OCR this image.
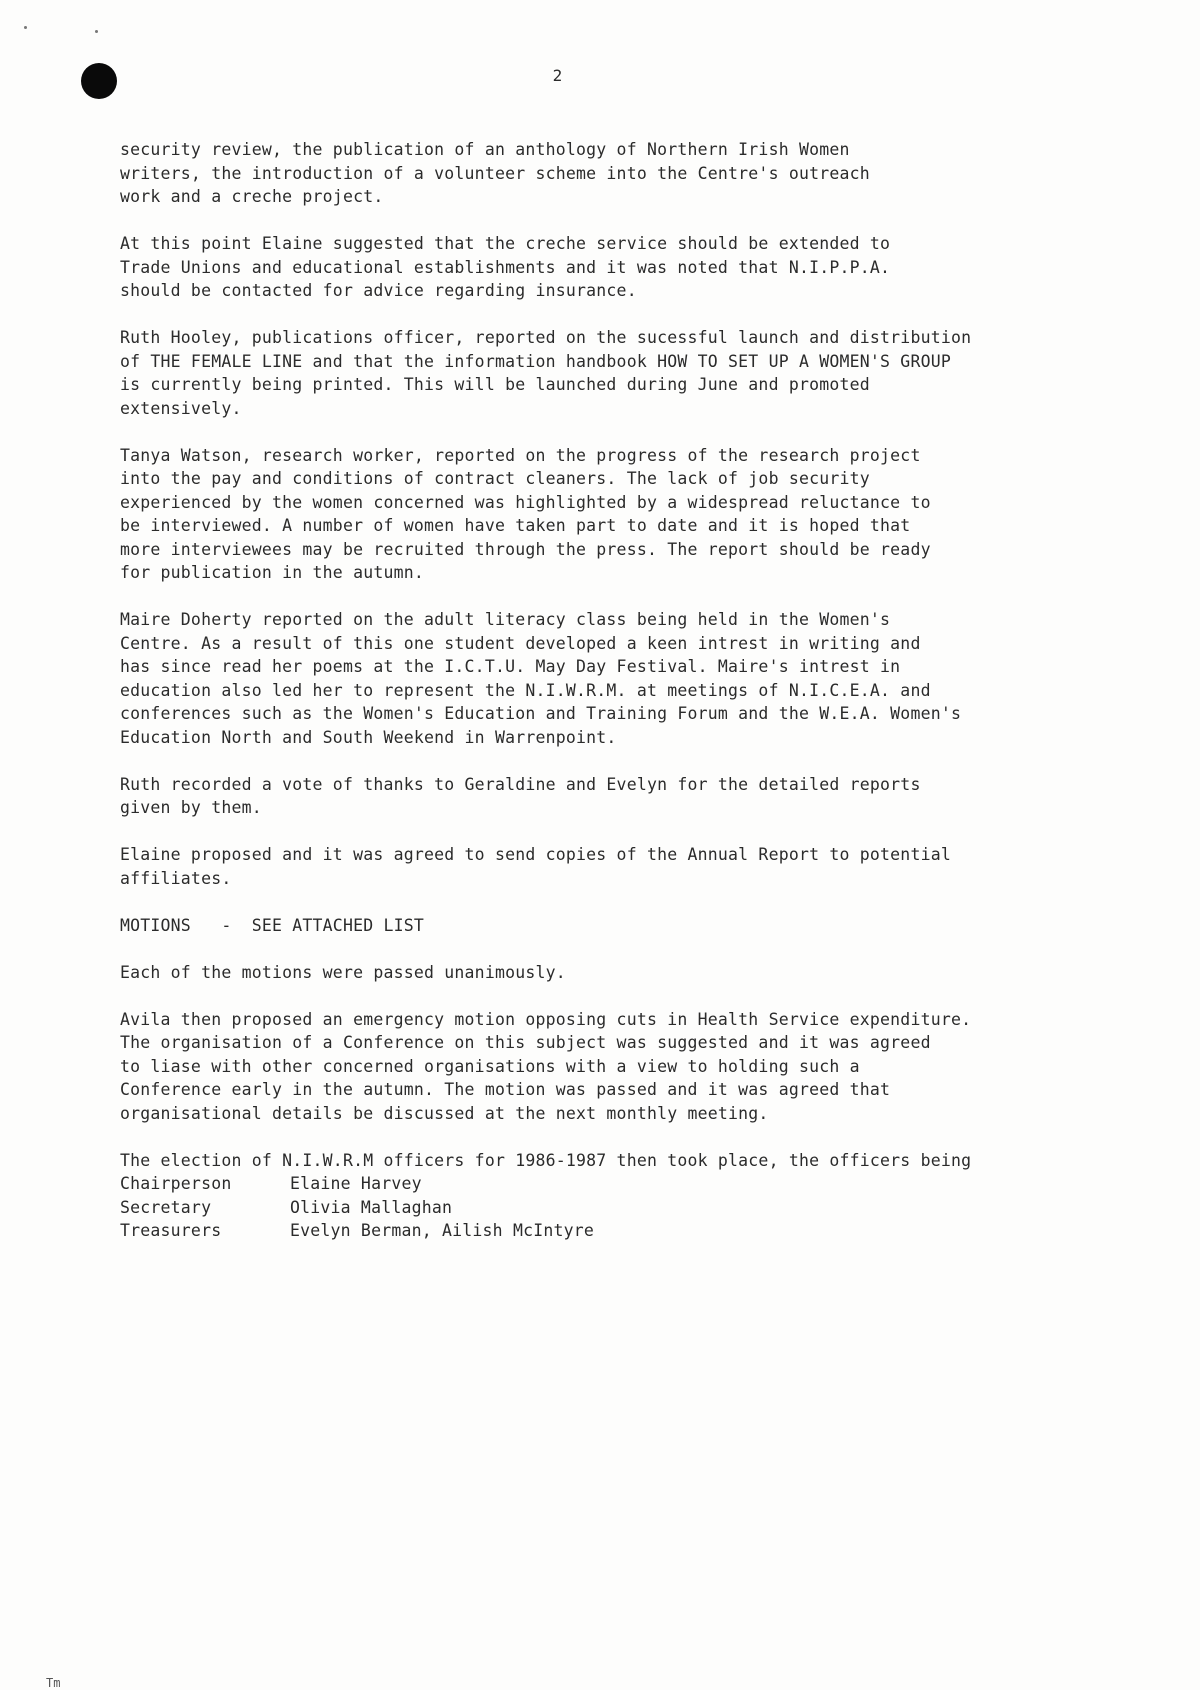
2

security review, the publication of an anthology of Northern Irish Women
writers, the introduction of a volunteer scheme into the Centre's outreach
work and a creche project.

At this point Elaine suggested that the creche service should be extended to
Trade Unions and educational establishments and it was noted that N.I.P.P.A.
should be contacted for advice regarding insurance.

Ruth Hooley, publications officer, reported on the sucessful launch and distribution
of THE FEMALE LINE and that the information handbook HOW TO SET UP A WOMEN'S GROUP
is currently being printed. This will be launched during June and promoted
extensively.

Tanya Watson, research worker, reported on the progress of the research project
into the pay and conditions of contract cleaners. The lack of job security
experienced by the women concerned was highlighted by a widespread reluctance to
be interviewed. A number of women have taken part to date and it is hoped that
more interviewees may be recruited through the press. The report should be ready
for publication in the autumn.

Maire Doherty reported on the adult literacy class being held in the Women's
Centre. As a result of this one student developed a keen intrest in writing and
has since read her poems at the I.C.T.U. May Day Festival. Maire's intrest in
education also led her to represent the N.I.W.R.M. at meetings of N.I.C.E.A. and
conferences such as the Women's Education and Training Forum and the W.E.A. Women's
Education North and South Weekend in Warrenpoint.

Ruth recorded a vote of thanks to Geraldine and Evelyn for the detailed reports
given by them.

Elaine proposed and it was agreed to send copies of the Annual Report to potential
affiliates.

MOTIONS   -  SEE ATTACHED LIST

Each of the motions were passed unanimously.

Avila then proposed an emergency motion opposing cuts in Health Service expenditure.
The organisation of a Conference on this subject was suggested and it was agreed
to liase with other concerned organisations with a view to holding such a
Conference early in the autumn. The motion was passed and it was agreed that
organisational details be discussed at the next monthly meeting.

The election of N.I.W.R.M officers for 1986-1987 then took place, the officers being

Chairperson	Elaine Harvey
Secretary	Olivia Mallaghan
Treasurers	Evelyn Berman, Ailish McIntyre
Tm
